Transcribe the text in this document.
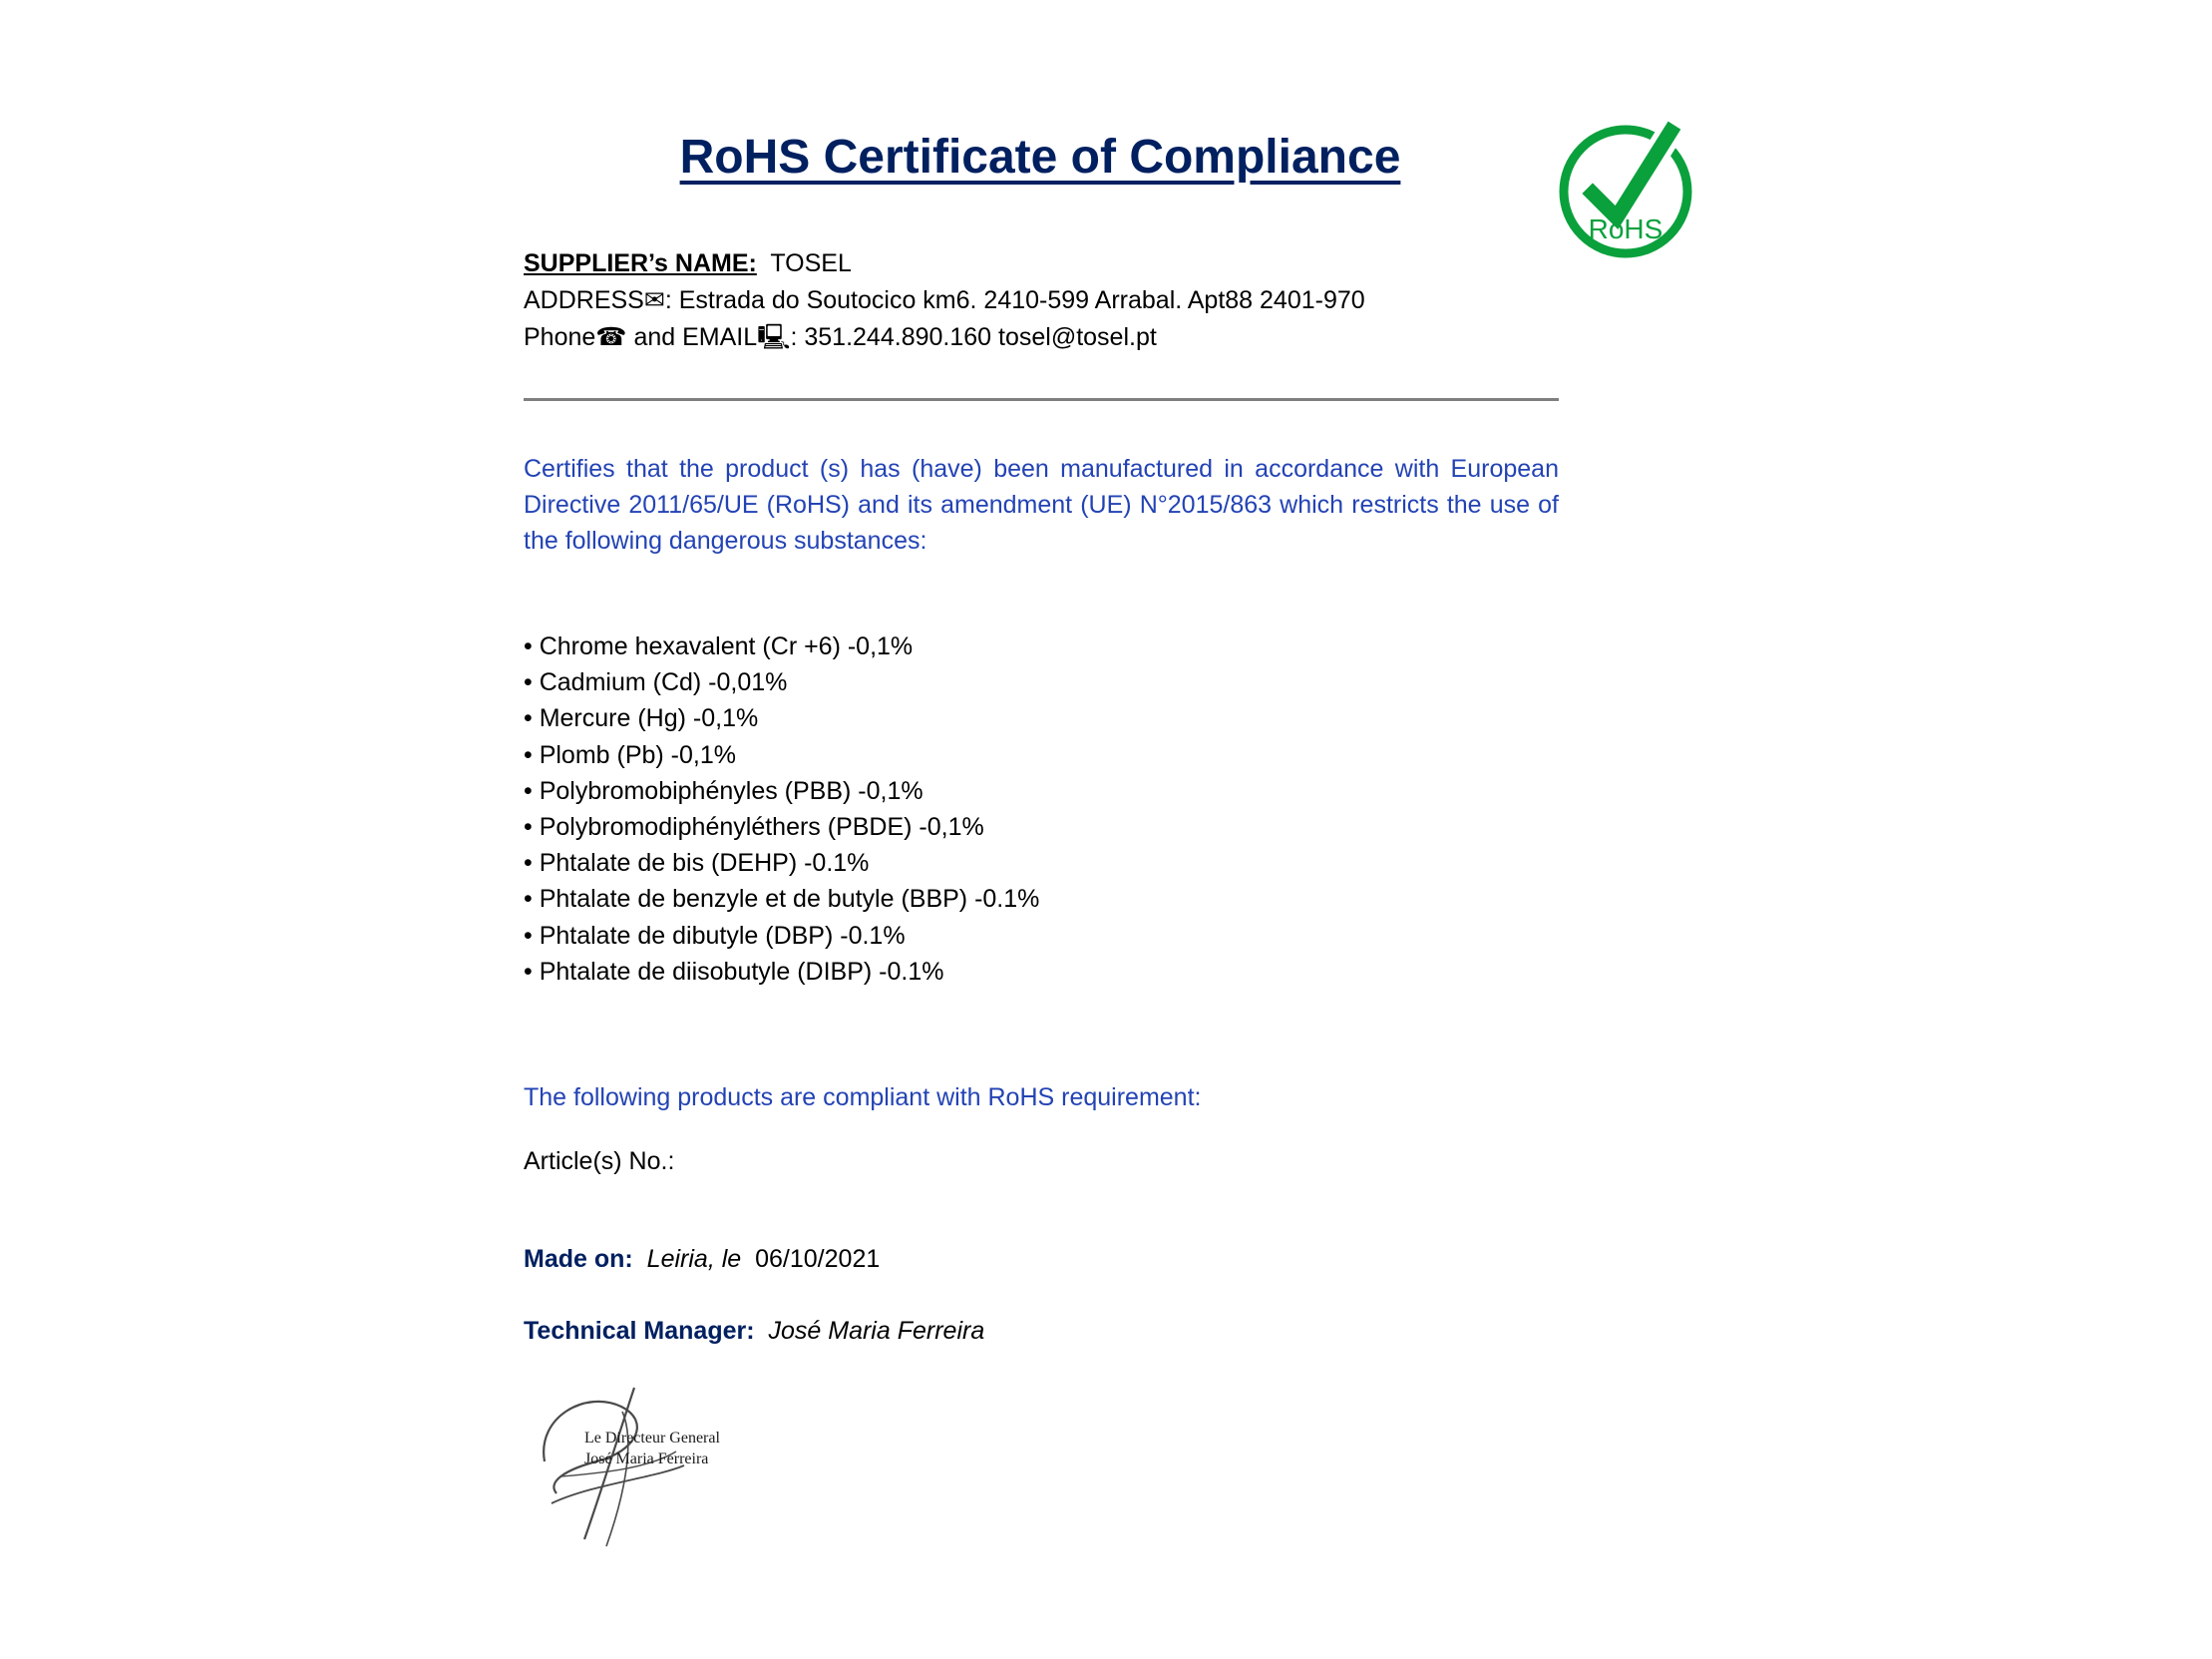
RoHS Certificate of Compliance
RoHS

SUPPLIER’s NAME: TOSEL

ADDRESS✉: Estrada do Soutocico km6. 2410-599 Arrabal. Apt88 2401-970

Phone☎ and EMAIL🖳: 351.244.890.160 tosel@tosel.pt

Certifies that the product (s) has (have) been manufactured in accordance with European Directive 2011/65/UE (RoHS) and its amendment (UE) N°2015/863 which restricts the use of the following dangerous substances:

• Chrome hexavalent (Cr +6) -0,1%
• Cadmium (Cd) -0,01%
• Mercure (Hg) -0,1%
• Plomb (Pb) -0,1%
• Polybromobiphényles (PBB) -0,1%
• Polybromodiphényléthers (PBDE) -0,1%
• Phtalate de bis (DEHP) -0.1%
• Phtalate de benzyle et de butyle (BBP) -0.1%
• Phtalate de dibutyle (DBP) -0.1%
• Phtalate de diisobutyle (DIBP) -0.1%

The following products are compliant with RoHS requirement:

Article(s) No.:

Made on: Leiria, le 06/10/2021

Technical Manager: José Maria Ferreira

Le Directeur General

José Maria Ferreira
